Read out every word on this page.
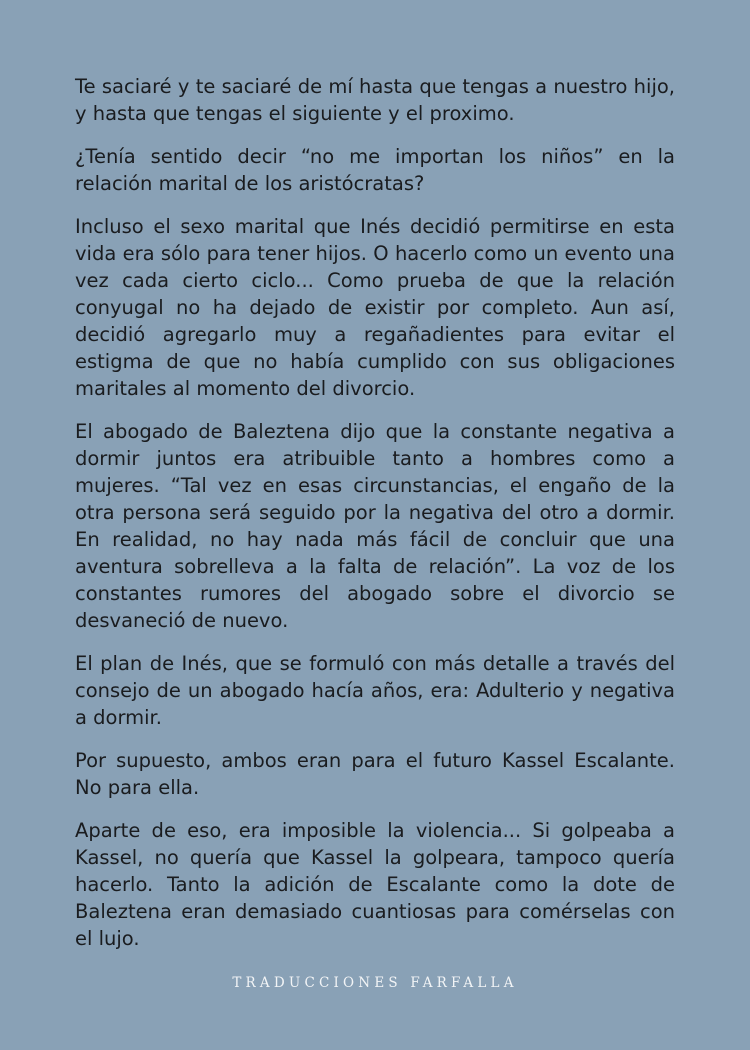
Te saciaré y te saciaré de mí hasta que tengas a nuestro hijo, y hasta que tengas el siguiente y el proximo.

¿Tenía sentido decir “no me importan los niños” en la relación marital de los aristócratas?

Incluso el sexo marital que Inés decidió permitirse en esta vida era sólo para tener hijos. O hacerlo como un evento una vez cada cierto ciclo... Como prueba de que la relación conyugal no ha dejado de existir por completo. Aun así, decidió agregarlo muy a regañadientes para evitar el estigma de que no había cumplido con sus obligaciones maritales al momento del divorcio.

El abogado de Baleztena dijo que la constante negativa a dormir juntos era atribuible tanto a hombres como a mujeres. “Tal vez en esas circunstancias, el engaño de la otra persona será seguido por la negativa del otro a dormir. En realidad, no hay nada más fácil de concluir que una aventura sobrelleva a la falta de relación”. La voz de los constantes rumores del abogado sobre el divorcio se desvaneció de nuevo.

El plan de Inés, que se formuló con más detalle a través del consejo de un abogado hacía años, era: Adulterio y negativa a dormir.

Por supuesto, ambos eran para el futuro Kassel Escalante. No para ella.

Aparte de eso, era imposible la violencia... Si golpeaba a Kassel, no quería que Kassel la golpeara, tampoco quería hacerlo. Tanto la adición de Escalante como la dote de Baleztena eran demasiado cuantiosas para comérselas con el lujo.

TRADUCCIONES FARFALLA
